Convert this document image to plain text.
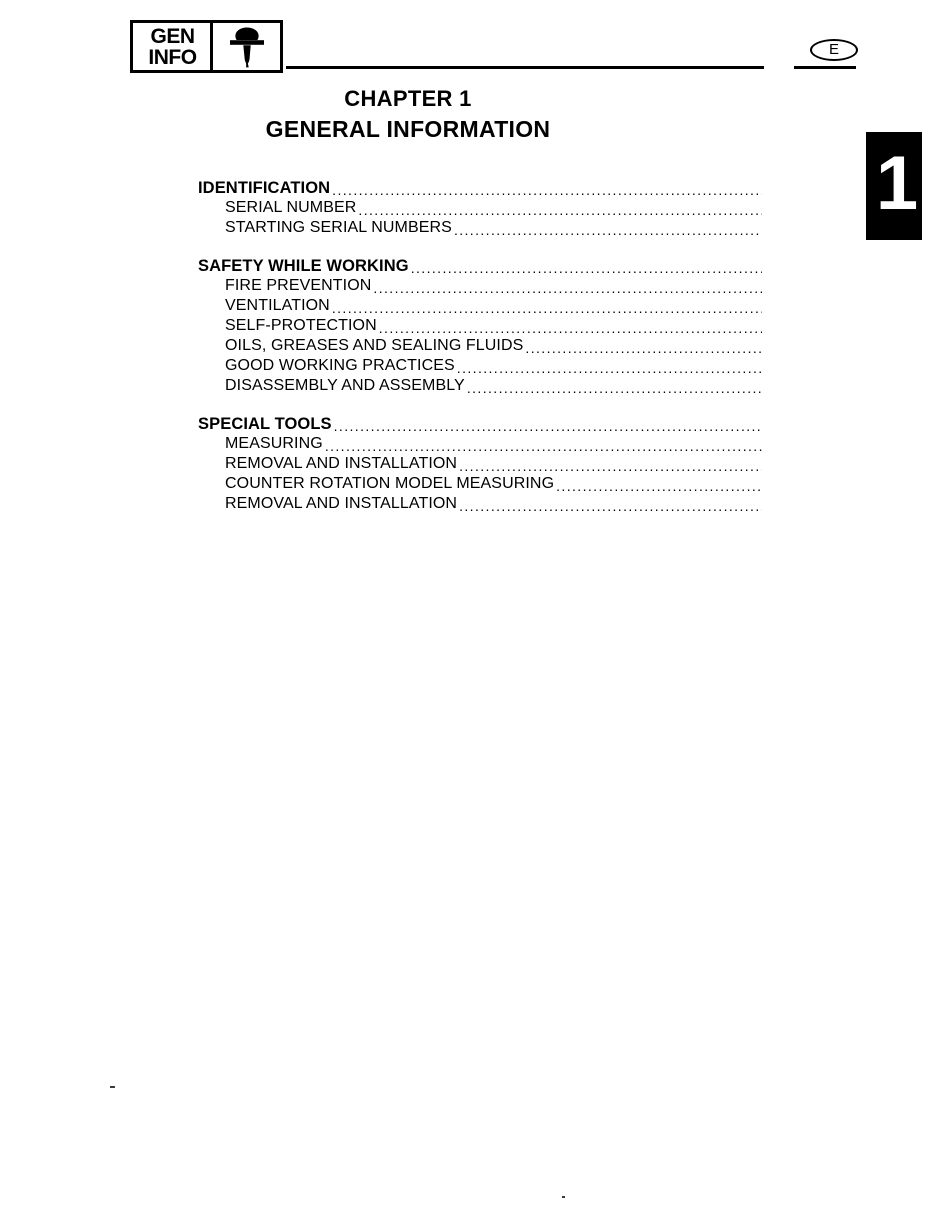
GEN
INFO	E
1
CHAPTER 1
GENERAL INFORMATION
IDENTIFICATION
.....
SERIAL NUMBER
.....
STARTING SERIAL NUMBERS
.....
SAFETY WHILE WORKING
.....
FIRE PREVENTION
.....
VENTILATION
.....
SELF-PROTECTION
.....
OILS, GREASES AND SEALING FLUIDS
.....
GOOD WORKING PRACTICES
.....
DISASSEMBLY AND ASSEMBLY
.....
SPECIAL TOOLS
.....
MEASURING
.....
REMOVAL AND INSTALLATION
.....
COUNTER ROTATION MODEL MEASURING
.....
REMOVAL AND INSTALLATION
.....
